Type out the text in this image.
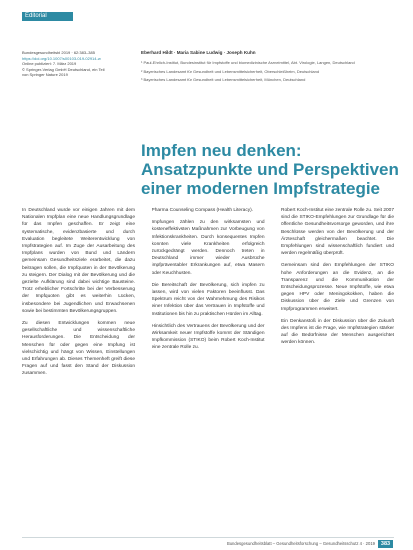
Editorial
Bundesgesundheitsbl 2019 · 62:383–385
https://doi.org/10.1007/s00103-019-02914-w
Online publiziert: 7. März 2019
© Springer-Verlag GmbH Deutschland, ein Teil
von Springer Nature 2019
Eberhard Hildt · Maria Sabine Ludwig · Joseph Kuhn
¹ Paul-Ehrlich-Institut, Bundesinstitut für Impfstoffe und biomedizinische Arzneimittel, Abt. Virologie, Langen, Deutschland
² Bayerisches Landesamt für Gesundheit und Lebensmittelsicherheit, Oberschleißheim, Deutschland
³ Bayerisches Landesamt für Gesundheit und Lebensmittelsicherheit, München, Deutschland
Impfen neu denken:
Ansatzpunkte und Perspektiven
einer modernen Impfstrategie

In Deutschland wurde vor einigen Jahren mit dem Nationalen Impfplan eine neue Handlungsgrundlage für das Impfen geschaffen. Er zeigt eine systematische, evidenzbasierte und durch Evaluation begleitete Weiterentwicklung von Impfstrategien auf. Im Zuge der Ausarbeitung des Impfplans wurden von Bund und Ländern gemeinsam Gesundheitsziele erarbeitet, die dazu beitragen sollen, die Impfquoten in der Bevölkerung zu steigern. Der Dialog mit der Bevölkerung und die gezielte Aufklärung sind dabei wichtige Bausteine. Trotz erheblicher Fortschritte bei der Verbesserung der Impfquoten gibt es weiterhin Lücken, insbesondere bei Jugendlichen und Erwachsenen sowie bei bestimmten Bevölkerungsgruppen.

Zu diesen Entwicklungen kommen neue gesellschaftliche und wissenschaftliche Herausforderungen. Die Entscheidung der Menschen für oder gegen eine Impfung ist vielschichtig und hängt von Wissen, Einstellungen und Erfahrungen ab. Dieses Themenheft greift diese Fragen auf und fasst den Stand der Diskussion zusammen.

Pharma Counseling Compass (Health Literacy).

Impfungen zählen zu den wirksamsten und kosteneffektivsten Maßnahmen zur Vorbeugung von Infektionskrankheiten. Durch konsequentes Impfen konnten viele Krankheiten erfolgreich zurückgedrängt werden. Dennoch treten in Deutschland immer wieder Ausbrüche impfpräventabler Erkrankungen auf, etwa Masern oder Keuchhusten.

Die Bereitschaft der Bevölkerung, sich impfen zu lassen, wird von vielen Faktoren beeinflusst. Das Spektrum reicht von der Wahrnehmung des Risikos einer Infektion über das Vertrauen in Impfstoffe und Institutionen bis hin zu praktischen Hürden im Alltag.

Hinsichtlich des Vertrauens der Bevölkerung und der Wirksamkeit neuer Impfstoffe kommt der Ständigen Impfkommission (STIKO) beim Robert Koch-Institut eine zentrale Rolle zu.

Robert Koch-Institut eine zentrale Rolle zu. Seit 2007 sind die STIKO-Empfehlungen zur Grundlage für die öffentliche Gesundheitsvorsorge geworden, und ihre Beschlüsse werden von der Bevölkerung und der Ärzteschaft gleichermaßen beachtet. Die Empfehlungen sind wissenschaftlich fundiert und werden regelmäßig überprüft.

Gemeinsam sind den Empfehlungen der STIKO hohe Anforderungen an die Evidenz, an die Transparenz und die Kommunikation der Entscheidungsprozesse. Neue Impfstoffe, wie etwa gegen HPV oder Meningokokken, haben die Diskussion über die Ziele und Grenzen von Impfprogrammen erweitert.

Ein Denkanstoß in der Diskussion über die Zukunft des Impfens ist die Frage, wie Impfstrategien stärker auf die Bedürfnisse der Menschen ausgerichtet werden können.

Bundesgesundheitsblatt – Gesundheitsforschung – Gesundheitsschutz 4 · 2019	383
